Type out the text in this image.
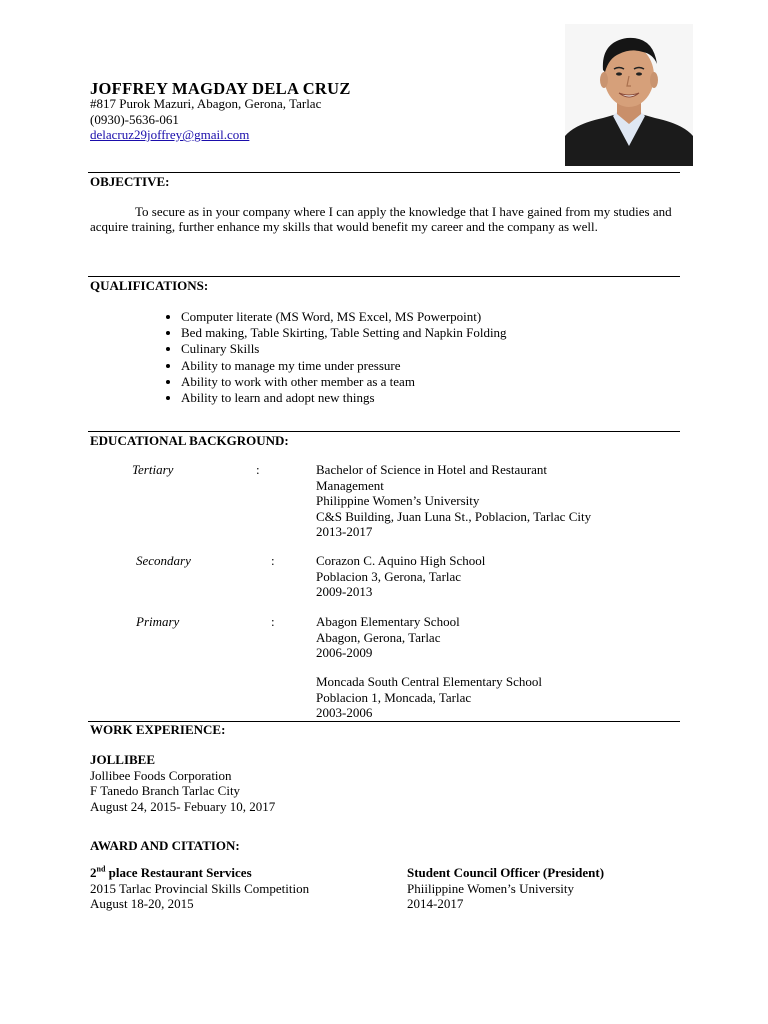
JOFFREY MAGDAY DELA CRUZ
#817 Purok Mazuri, Abagon, Gerona, Tarlac
(0930)-5636-061
delacruz29joffrey@gmail.com
OBJECTIVE:
To secure as in your company where I can apply the knowledge that I have gained from my studies and acquire training, further enhance my skills that would benefit my career and the company as well.
QUALIFICATIONS:
• Computer literate (MS Word, MS Excel, MS Powerpoint)
• Bed making, Table Skirting, Table Setting and Napkin Folding
• Culinary Skills
• Ability to manage my time under pressure
• Ability to work with other member as a team
• Ability to learn and adopt new things
EDUCATIONAL BACKGROUND:
Tertiary	:	Bachelor of Science in Hotel and Restaurant
Management
Philippine Women’s University
C&S Building, Juan Luna St., Poblacion, Tarlac City
2013-2017
Secondary	:	Corazon C. Aquino High School
Poblacion 3, Gerona, Tarlac
2009-2013
Primary	:	Abagon Elementary School
Abagon, Gerona, Tarlac
2006-2009
Moncada South Central Elementary School
Poblacion 1, Moncada, Tarlac
2003-2006
WORK EXPERIENCE:
JOLLIBEE
Jollibee Foods Corporation
F Tanedo Branch Tarlac City
August 24, 2015- Febuary 10, 2017
AWARD AND CITATION:
2nd place Restaurant Services
2015 Tarlac Provincial Skills Competition
August 18-20, 2015
Student Council Officer (President)
Phiilippine Women’s University
2014-2017
